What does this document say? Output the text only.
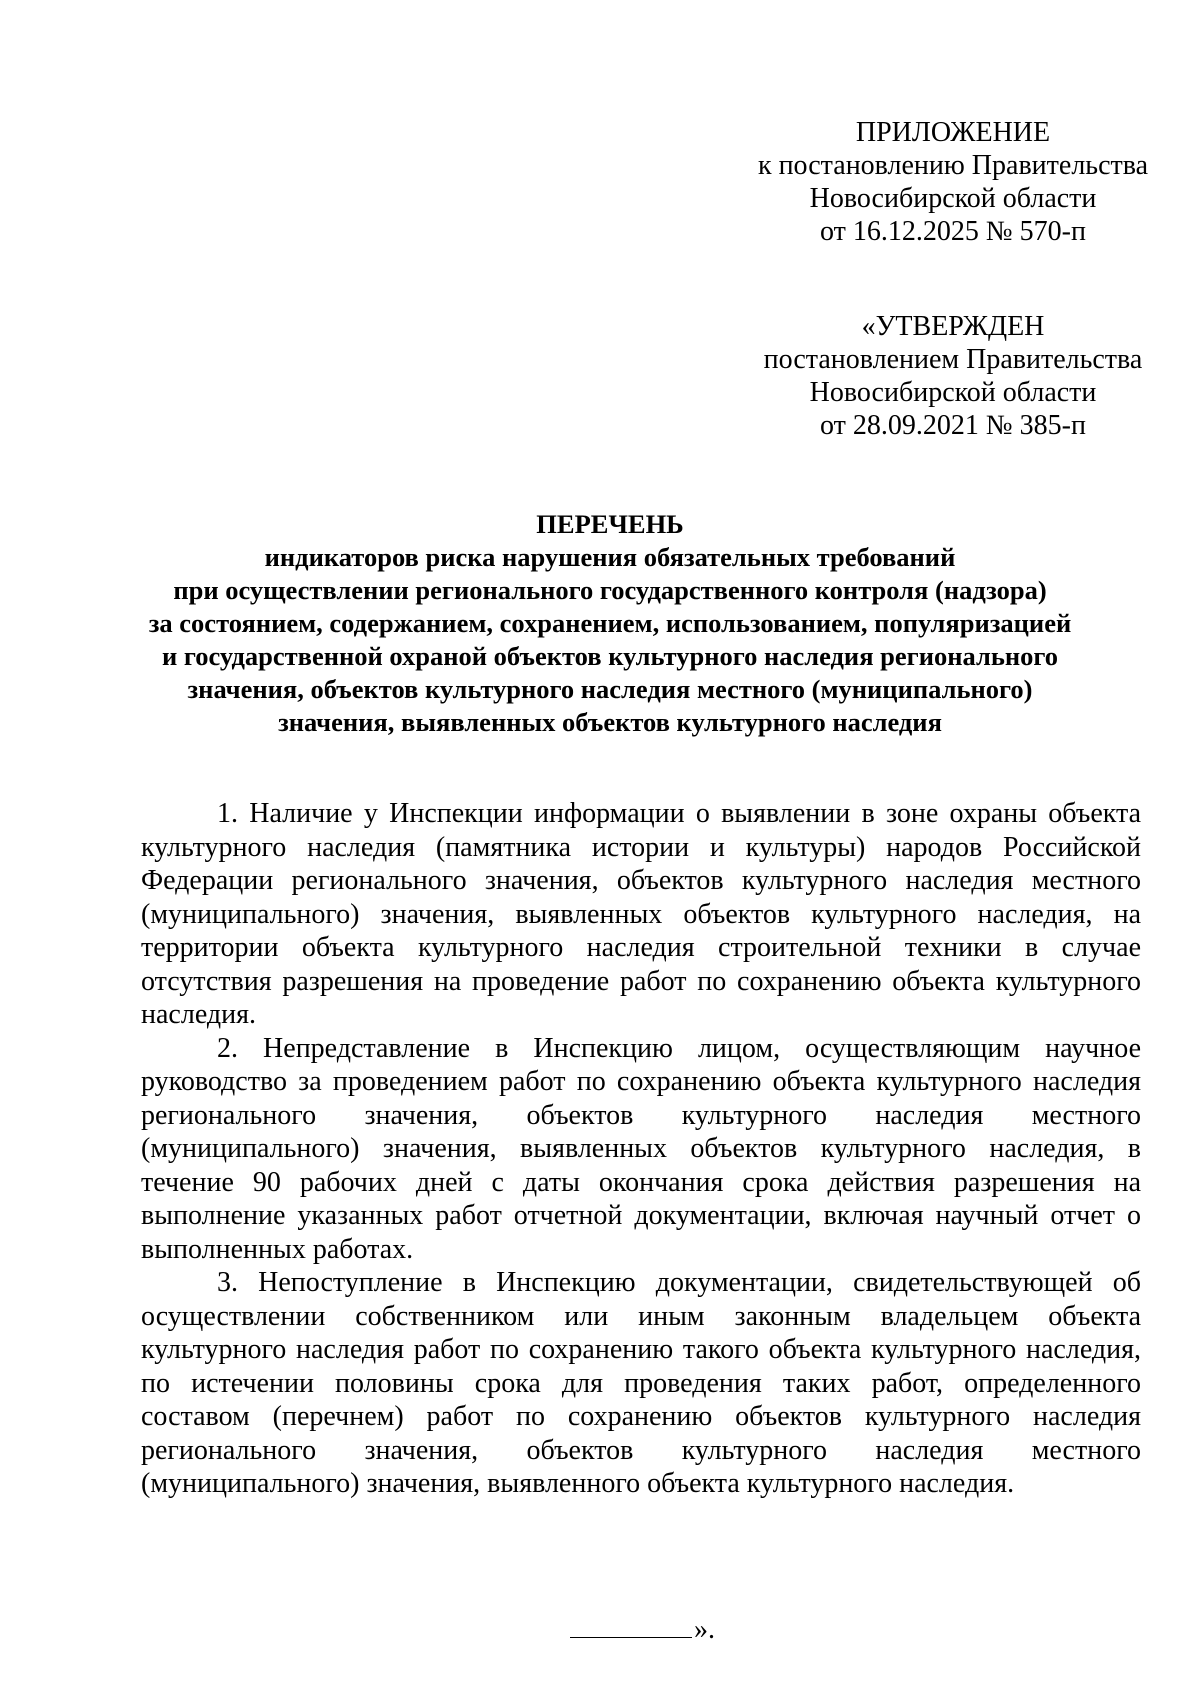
ПРИЛОЖЕНИЕ
к постановлению Правительства
Новосибирской области
от 16.12.2025 № 570-п
«УТВЕРЖДЕН
постановлением Правительства
Новосибирской области
от 28.09.2021 № 385-п
ПЕРЕЧЕНЬ
индикаторов риска нарушения обязательных требований
при осуществлении регионального государственного контроля (надзора)
за состоянием, содержанием, сохранением, использованием, популяризацией
и государственной охраной объектов культурного наследия регионального
значения, объектов культурного наследия местного (муниципального)
значения, выявленных объектов культурного наследия

1. Наличие у Инспекции информации о выявлении в зоне охраны объекта культурного наследия (памятника истории и культуры) народов Российской Федерации регионального значения, объектов культурного наследия местного (муниципального) значения, выявленных объектов культурного наследия, на территории объекта культурного наследия строительной техники в случае отсутствия разрешения на проведение работ по сохранению объекта культурного наследия.

2. Непредставление в Инспекцию лицом, осуществляющим научное руководство за проведением работ по сохранению объекта культурного наследия регионального значения, объектов культурного наследия местного (муниципального) значения, выявленных объектов культурного наследия, в течение 90 рабочих дней с даты окончания срока действия разрешения на выполнение указанных работ отчетной документации, включая научный отчет о выполненных работах.

3. Непоступление в Инспекцию документации, свидетельствующей об осуществлении собственником или иным законным владельцем объекта культурного наследия работ по сохранению такого объекта культурного наследия, по истечении половины срока для проведения таких работ, определенного составом (перечнем) работ по сохранению объектов культурного наследия регионального значения, объектов культурного наследия местного (муниципального) значения, выявленного объекта культурного наследия.

».
